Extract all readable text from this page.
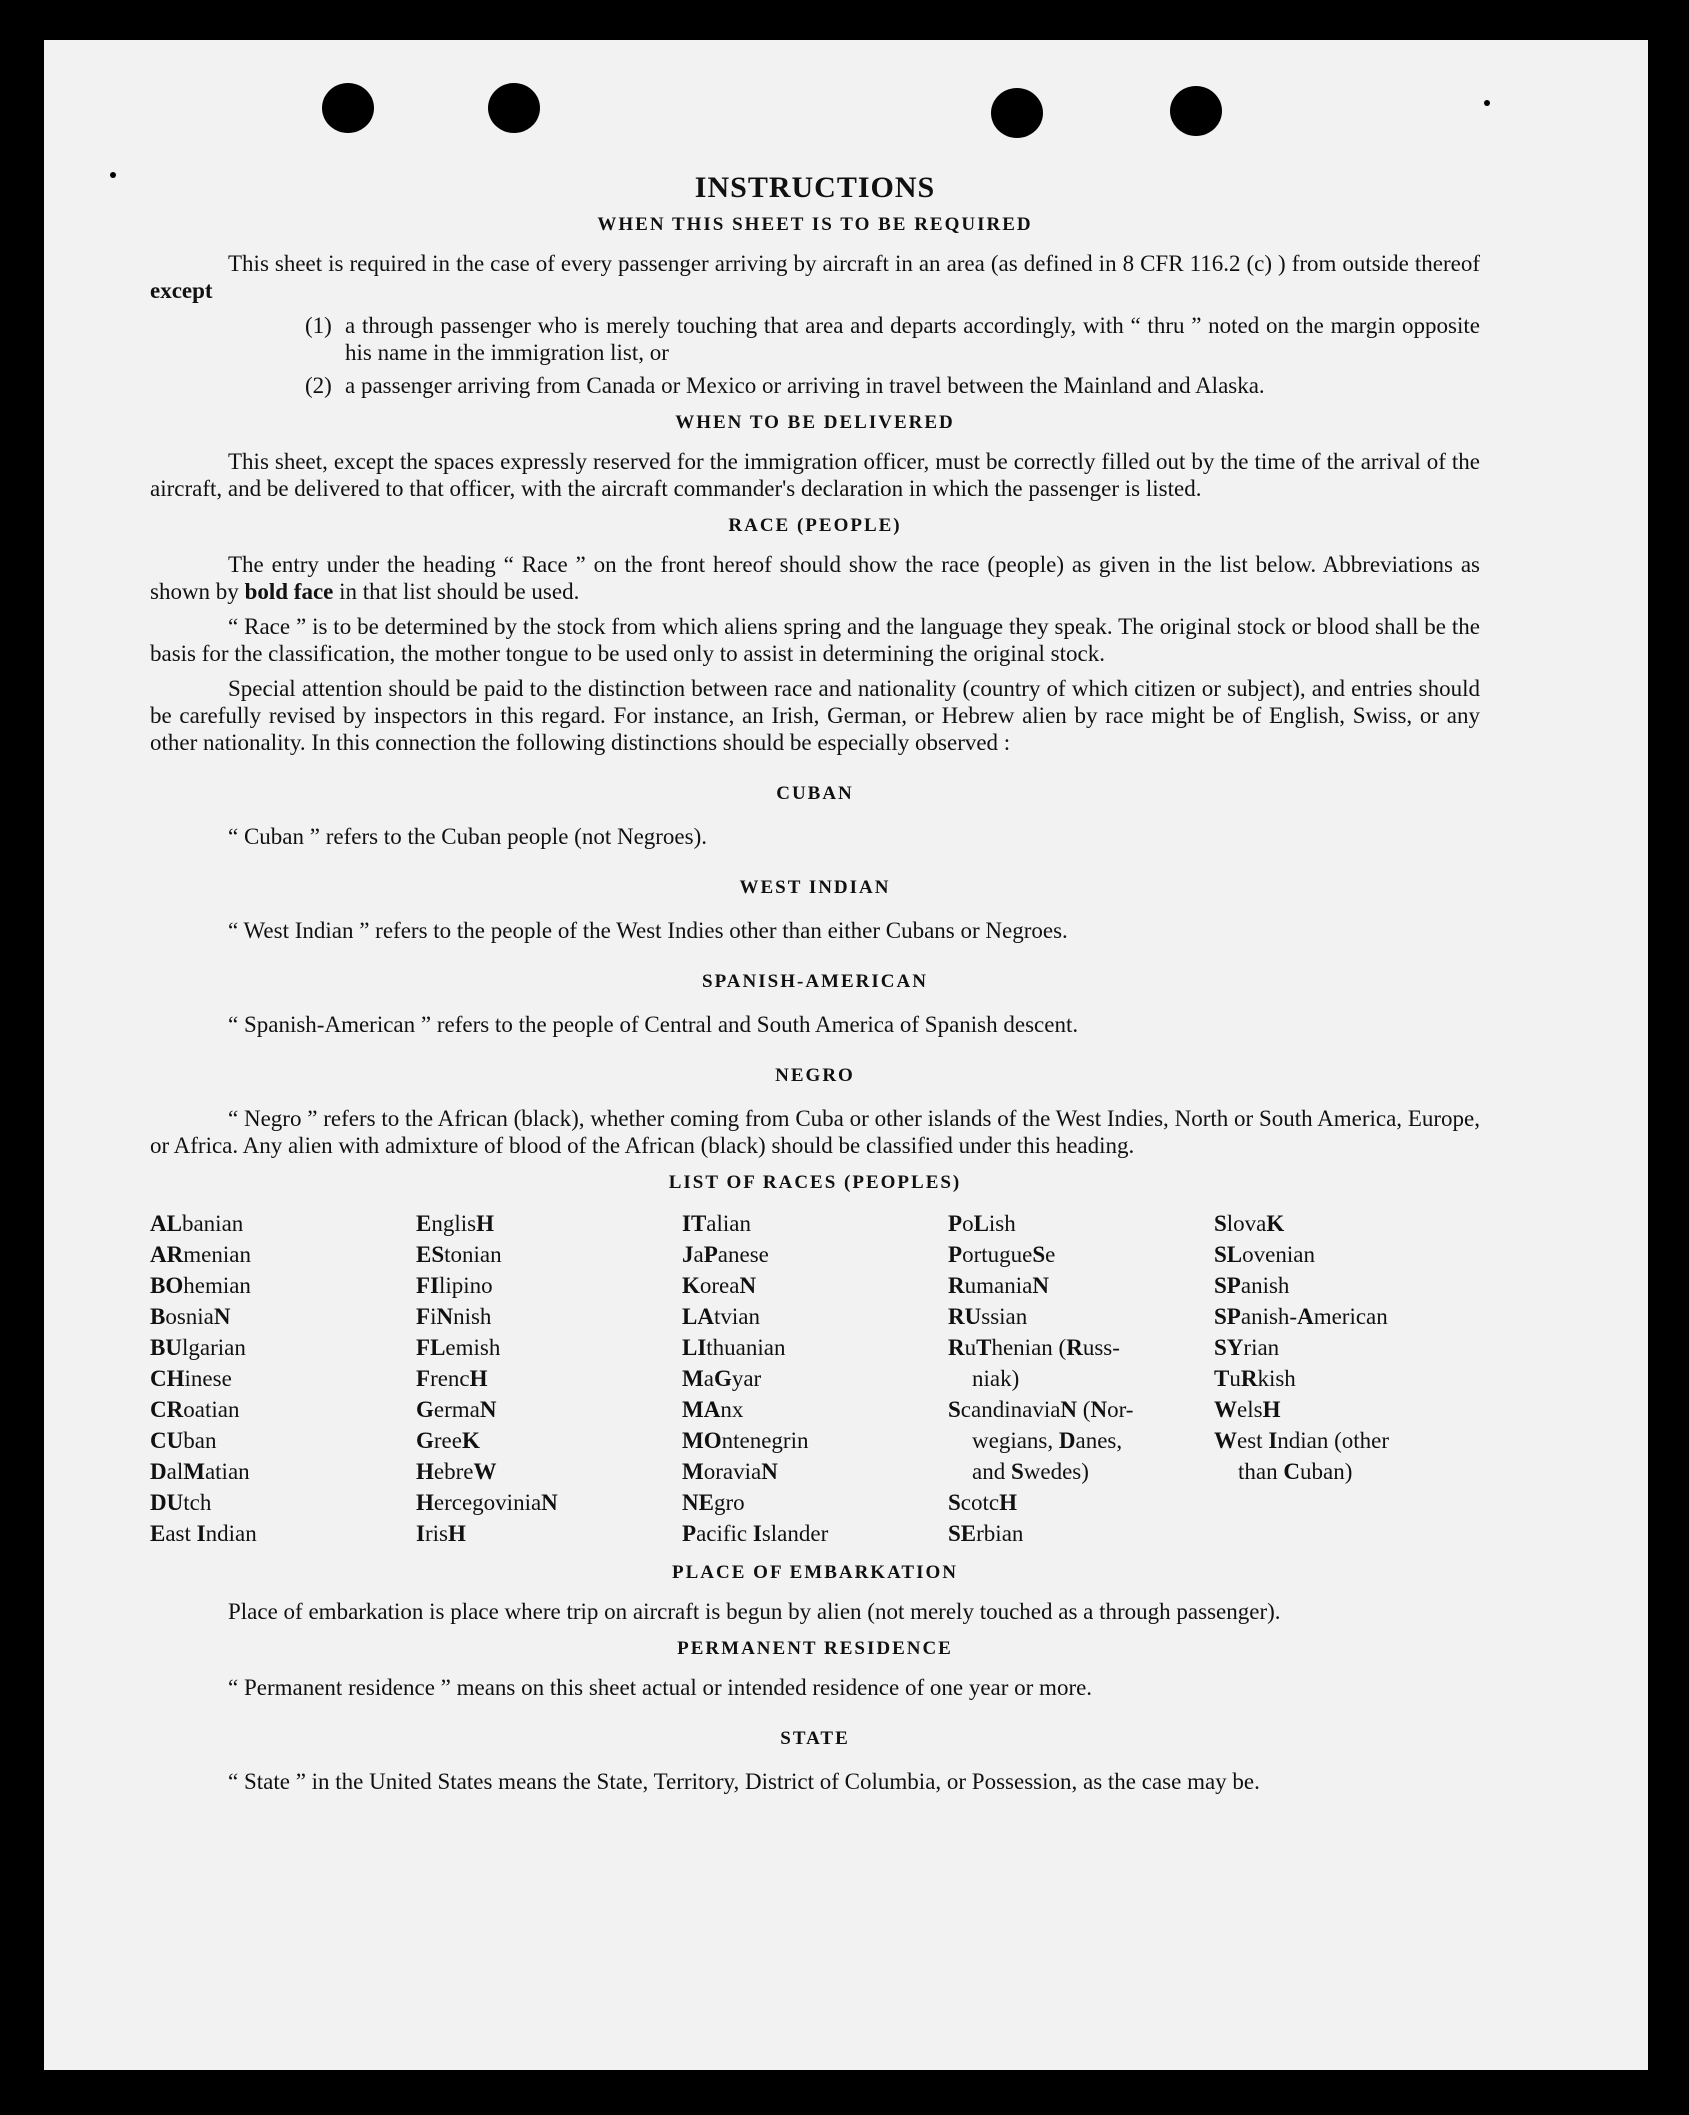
INSTRUCTIONS
WHEN THIS SHEET IS TO BE REQUIRED

This sheet is required in the case of every passenger arriving by aircraft in an area (as defined in 8 CFR 116.2 (c) ) from outside thereof except

(1) a through passenger who is merely touching that area and departs accordingly, with “ thru ” noted on the margin opposite his name in the immigration list, or
(2) a passenger arriving from Canada or Mexico or arriving in travel between the Mainland and Alaska.
WHEN TO BE DELIVERED

This sheet, except the spaces expressly reserved for the immigration officer, must be correctly filled out by the time of the arrival of the aircraft, and be delivered to that officer, with the aircraft commander's declaration in which the passenger is listed.

RACE (PEOPLE)

The entry under the heading “ Race ” on the front hereof should show the race (people) as given in the list below. Abbreviations as shown by bold face in that list should be used.

“ Race ” is to be determined by the stock from which aliens spring and the language they speak. The original stock or blood shall be the basis for the classification, the mother tongue to be used only to assist in determining the original stock.

Special attention should be paid to the distinction between race and nationality (country of which citizen or subject), and entries should be carefully revised by inspectors in this regard. For instance, an Irish, German, or Hebrew alien by race might be of English, Swiss, or any other nationality. In this connection the following distinctions should be especially observed :

CUBAN

“ Cuban ” refers to the Cuban people (not Negroes).

WEST INDIAN

“ West Indian ” refers to the people of the West Indies other than either Cubans or Negroes.

SPANISH-AMERICAN

“ Spanish-American ” refers to the people of Central and South America of Spanish descent.

NEGRO

“ Negro ” refers to the African (black), whether coming from Cuba or other islands of the West Indies, North or South America, Europe, or Africa. Any alien with admixture of blood of the African (black) should be classified under this heading.

LIST OF RACES (PEOPLES)
ALbanian
ARmenian
BOhemian
BosniaN
BUlgarian
CHinese
CRoatian
CUban
DalMatian
DUtch
East Indian
EnglisH
EStonian
FIlipino
FiNnish
FLemish
FrencH
GermaN
GreeK
HebreW
HercegoviniaN
IrisH
ITalian
JaPanese
KoreaN
LAtvian
LIthuanian
MaGyar
MAnx
MOntenegrin
MoraviaN
NEgro
Pacific Islander
PoLish
PortugueSe
RumaniaN
RUssian
RuThenian (Russ-
niak)
ScandinaviaN (Nor-
wegians, Danes,
and Swedes)
ScotcH
SErbian
SlovaK
SLovenian
SPanish
SPanish-American
SYrian
TuRkish
WelsH
West Indian (other
than Cuban)
PLACE OF EMBARKATION

Place of embarkation is place where trip on aircraft is begun by alien (not merely touched as a through passenger).

PERMANENT RESIDENCE

“ Permanent residence ” means on this sheet actual or intended residence of one year or more.

STATE

“ State ” in the United States means the State, Territory, District of Columbia, or Possession, as the case may be.
